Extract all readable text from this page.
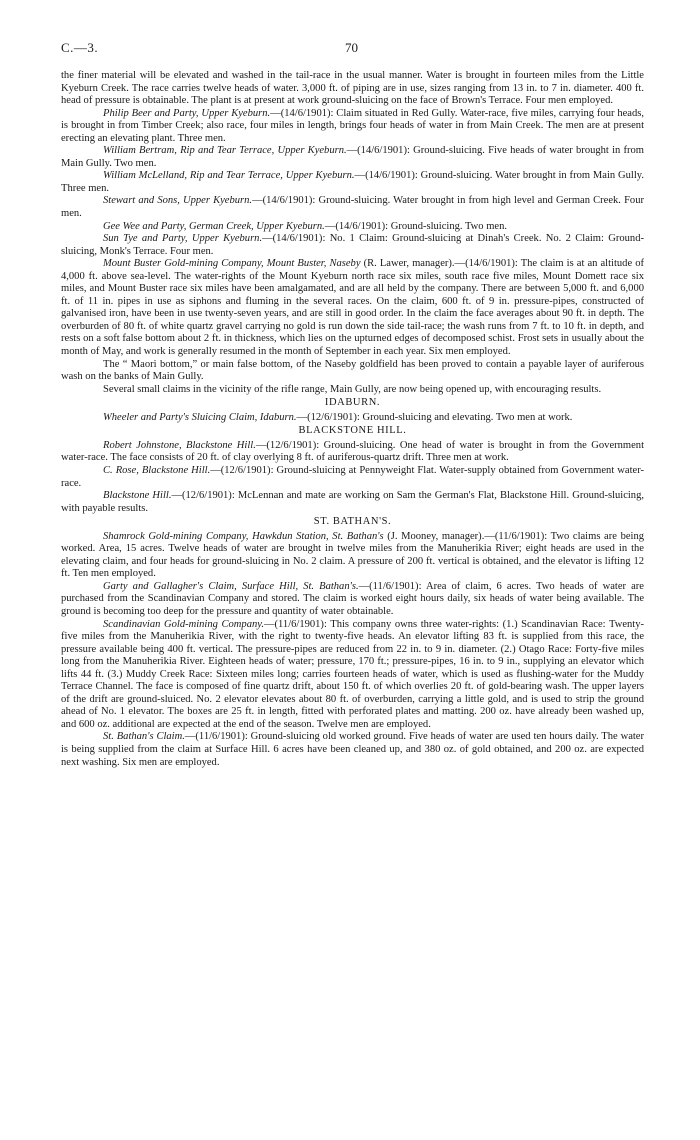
C.—3.	70

the finer material will be elevated and washed in the tail-race in the usual manner. Water is brought in fourteen miles from the Little Kyeburn Creek. The race carries twelve heads of water. 3,000 ft. of piping are in use, sizes ranging from 13 in. to 7 in. diameter. 400 ft. head of pressure is obtainable. The plant is at present at work ground-sluicing on the face of Brown's Terrace. Four men employed.

Philip Beer and Party, Upper Kyeburn.—(14/6/1901): Claim situated in Red Gully. Water-race, five miles, carrying four heads, is brought in from Timber Creek; also race, four miles in length, brings four heads of water in from Main Creek. The men are at present erecting an elevating plant. Three men.

William Bertram, Rip and Tear Terrace, Upper Kyeburn.—(14/6/1901): Ground-sluicing. Five heads of water brought in from Main Gully. Two men.

William McLelland, Rip and Tear Terrace, Upper Kyeburn.—(14/6/1901): Ground-sluicing. Water brought in from Main Gully. Three men.

Stewart and Sons, Upper Kyeburn.—(14/6/1901): Ground-sluicing. Water brought in from high level and German Creek. Four men.

Gee Wee and Party, German Creek, Upper Kyeburn.—(14/6/1901): Ground-sluicing. Two men.

Sun Tye and Party, Upper Kyeburn.—(14/6/1901): No. 1 Claim: Ground-sluicing at Dinah's Creek. No. 2 Claim: Ground-sluicing, Monk's Terrace. Four men.

Mount Buster Gold-mining Company, Mount Buster, Naseby (R. Lawer, manager).—(14/6/1901): The claim is at an altitude of 4,000 ft. above sea-level. The water-rights of the Mount Kyeburn north race six miles, south race five miles, Mount Domett race six miles, and Mount Buster race six miles have been amalgamated, and are all held by the company. There are between 5,000 ft. and 6,000 ft. of 11 in. pipes in use as siphons and fluming in the several races. On the claim, 600 ft. of 9 in. pressure-pipes, constructed of galvanised iron, have been in use twenty-seven years, and are still in good order. In the claim the face averages about 90 ft. in depth. The overburden of 80 ft. of white quartz gravel carrying no gold is run down the side tail-race; the wash runs from 7 ft. to 10 ft. in depth, and rests on a soft false bottom about 2 ft. in thickness, which lies on the upturned edges of decomposed schist. Frost sets in usually about the month of May, and work is generally resumed in the month of September in each year. Six men employed.

The “ Maori bottom,” or main false bottom, of the Naseby goldfield has been proved to contain a payable layer of auriferous wash on the banks of Main Gully.

Several small claims in the vicinity of the rifle range, Main Gully, are now being opened up, with encouraging results.

IDABURN.

Wheeler and Party's Sluicing Claim, Idaburn.—(12/6/1901): Ground-sluicing and elevating. Two men at work.

BLACKSTONE HILL.

Robert Johnstone, Blackstone Hill.—(12/6/1901): Ground-sluicing. One head of water is brought in from the Government water-race. The face consists of 20 ft. of clay overlying 8 ft. of auriferous-quartz drift. Three men at work.

C. Rose, Blackstone Hill.—(12/6/1901): Ground-sluicing at Pennyweight Flat. Water-supply obtained from Government water-race.

Blackstone Hill.—(12/6/1901): McLennan and mate are working on Sam the German's Flat, Blackstone Hill. Ground-sluicing, with payable results.

ST. BATHAN'S.

Shamrock Gold-mining Company, Hawkdun Station, St. Bathan's (J. Mooney, manager).—(11/6/1901): Two claims are being worked. Area, 15 acres. Twelve heads of water are brought in twelve miles from the Manuherikia River; eight heads are used in the elevating claim, and four heads for ground-sluicing in No. 2 claim. A pressure of 200 ft. vertical is obtained, and the elevator is lifting 12 ft. Ten men employed.

Garty and Gallagher's Claim, Surface Hill, St. Bathan's.—(11/6/1901): Area of claim, 6 acres. Two heads of water are purchased from the Scandinavian Company and stored. The claim is worked eight hours daily, six heads of water being available. The ground is becoming too deep for the pressure and quantity of water obtainable.

Scandinavian Gold-mining Company.—(11/6/1901): This company owns three water-rights: (1.) Scandinavian Race: Twenty-five miles from the Manuherikia River, with the right to twenty-five heads. An elevator lifting 83 ft. is supplied from this race, the pressure available being 400 ft. vertical. The pressure-pipes are reduced from 22 in. to 9 in. diameter. (2.) Otago Race: Forty-five miles long from the Manuherikia River. Eighteen heads of water; pressure, 170 ft.; pressure-pipes, 16 in. to 9 in., supplying an elevator which lifts 44 ft. (3.) Muddy Creek Race: Sixteen miles long; carries fourteen heads of water, which is used as flushing-water for the Muddy Terrace Channel. The face is composed of fine quartz drift, about 150 ft. of which overlies 20 ft. of gold-bearing wash. The upper layers of the drift are ground-sluiced. No. 2 elevator elevates about 80 ft. of overburden, carrying a little gold, and is used to strip the ground ahead of No. 1 elevator. The boxes are 25 ft. in length, fitted with perforated plates and matting. 200 oz. have already been washed up, and 600 oz. additional are expected at the end of the season. Twelve men are employed.

St. Bathan's Claim.—(11/6/1901): Ground-sluicing old worked ground. Five heads of water are used ten hours daily. The water is being supplied from the claim at Surface Hill. 6 acres have been cleaned up, and 380 oz. of gold obtained, and 200 oz. are expected next washing. Six men are employed.
